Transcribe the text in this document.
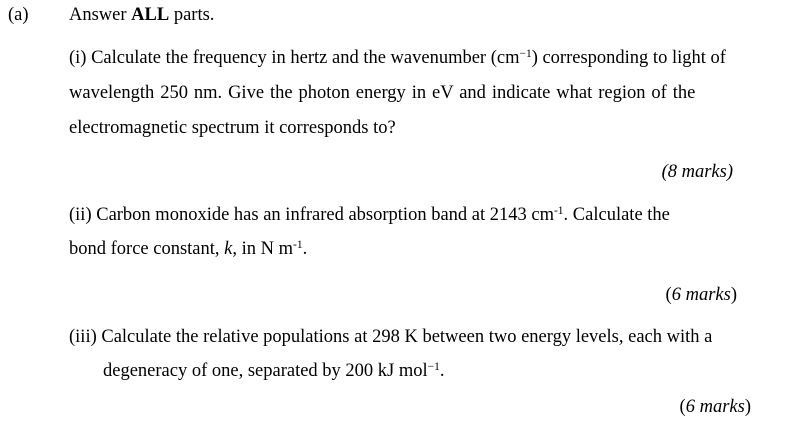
(a) Answer ALL parts.
(i) Calculate the frequency in hertz and the wavenumber $(cm^{-1})$ corresponding to light of
wavelength 250 nm. Give the photon energy in eV and indicate what region of the
electromagnetic spectrum it corresponds to?
(8 marks)
(ii) Carbon monoxide has an infrared absorption band at 2143 $cm^{-1}$. Calculate the
bond force constant, k, in N $m^{-1}$.
(6 marks)
(iii) Calculate the relative populations at 298 K between two energy levels, each with a
degeneracy of one, separated by 200 kJ mol$^{-1}$.
(6 marks)
